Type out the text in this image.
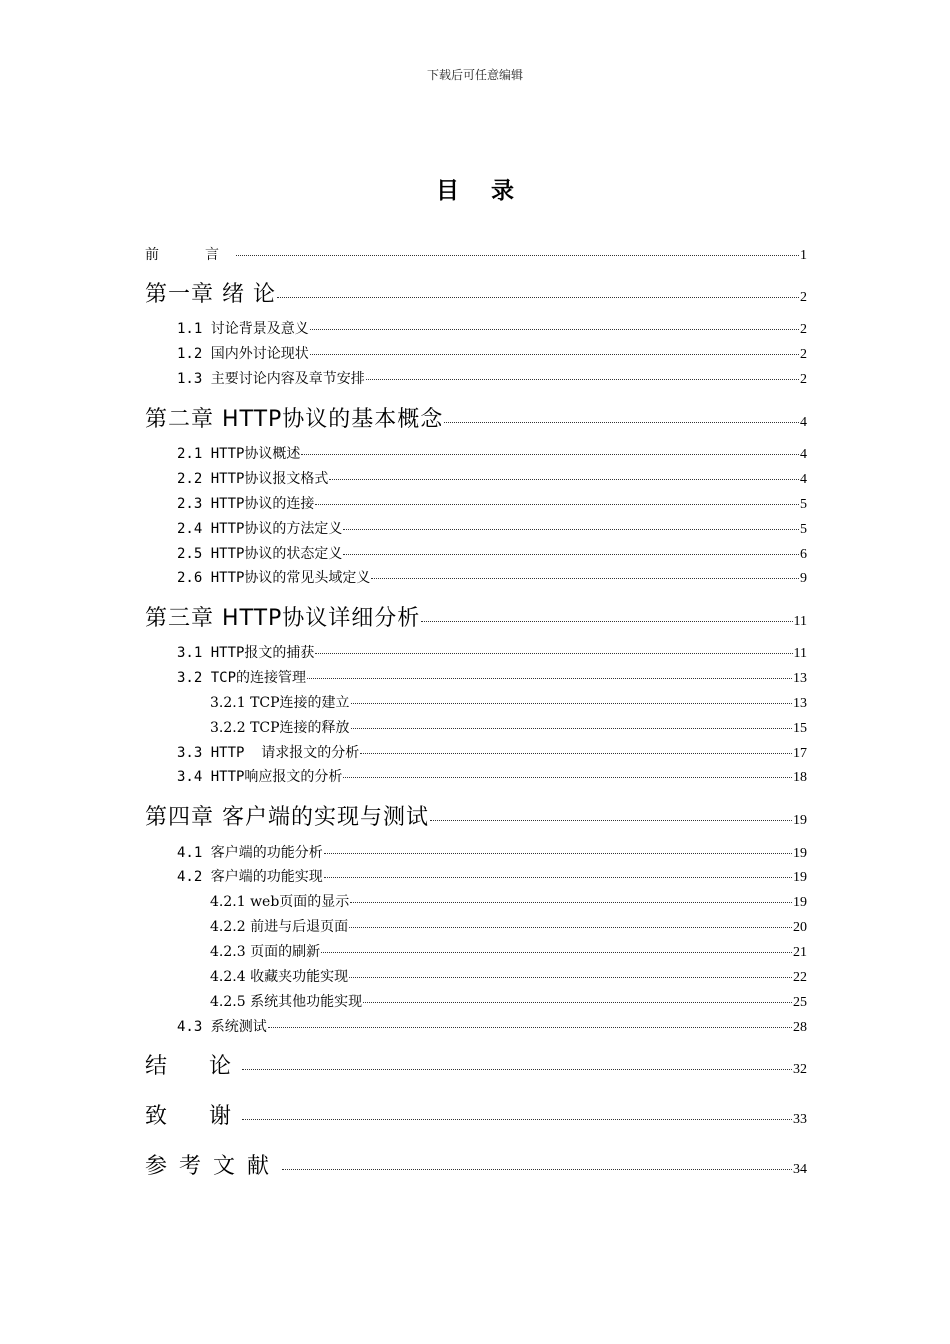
下载后可任意编辑
目录
前　言	1
第一章 绪 论	2
1.1 讨论背景及意义	2
1.2 国内外讨论现状	2
1.3 主要讨论内容及章节安排	2
第二章 HTTP协议的基本概念	4
2.1 HTTP协议概述	4
2.2 HTTP协议报文格式	4
2.3 HTTP协议的连接	5
2.4 HTTP协议的方法定义	5
2.5 HTTP协议的状态定义	6
2.6 HTTP协议的常见头域定义	9
第三章 HTTP协议详细分析	11
3.1 HTTP报文的捕获	11
3.2 TCP的连接管理	13
3.2.1 TCP连接的建立	13
3.2.2 TCP连接的释放	15
3.3 HTTP  请求报文的分析	17
3.4 HTTP响应报文的分析	18
第四章 客户端的实现与测试	19
4.1 客户端的功能分析	19
4.2 客户端的功能实现	19
4.2.1 web页面的显示	19
4.2.2 前进与后退页面	20
4.2.3 页面的刷新	21
4.2.4 收藏夹功能实现	22
4.2.5 系统其他功能实现	25
4.3 系统测试	28
结　论	32
致　谢	33
参考文献	34
